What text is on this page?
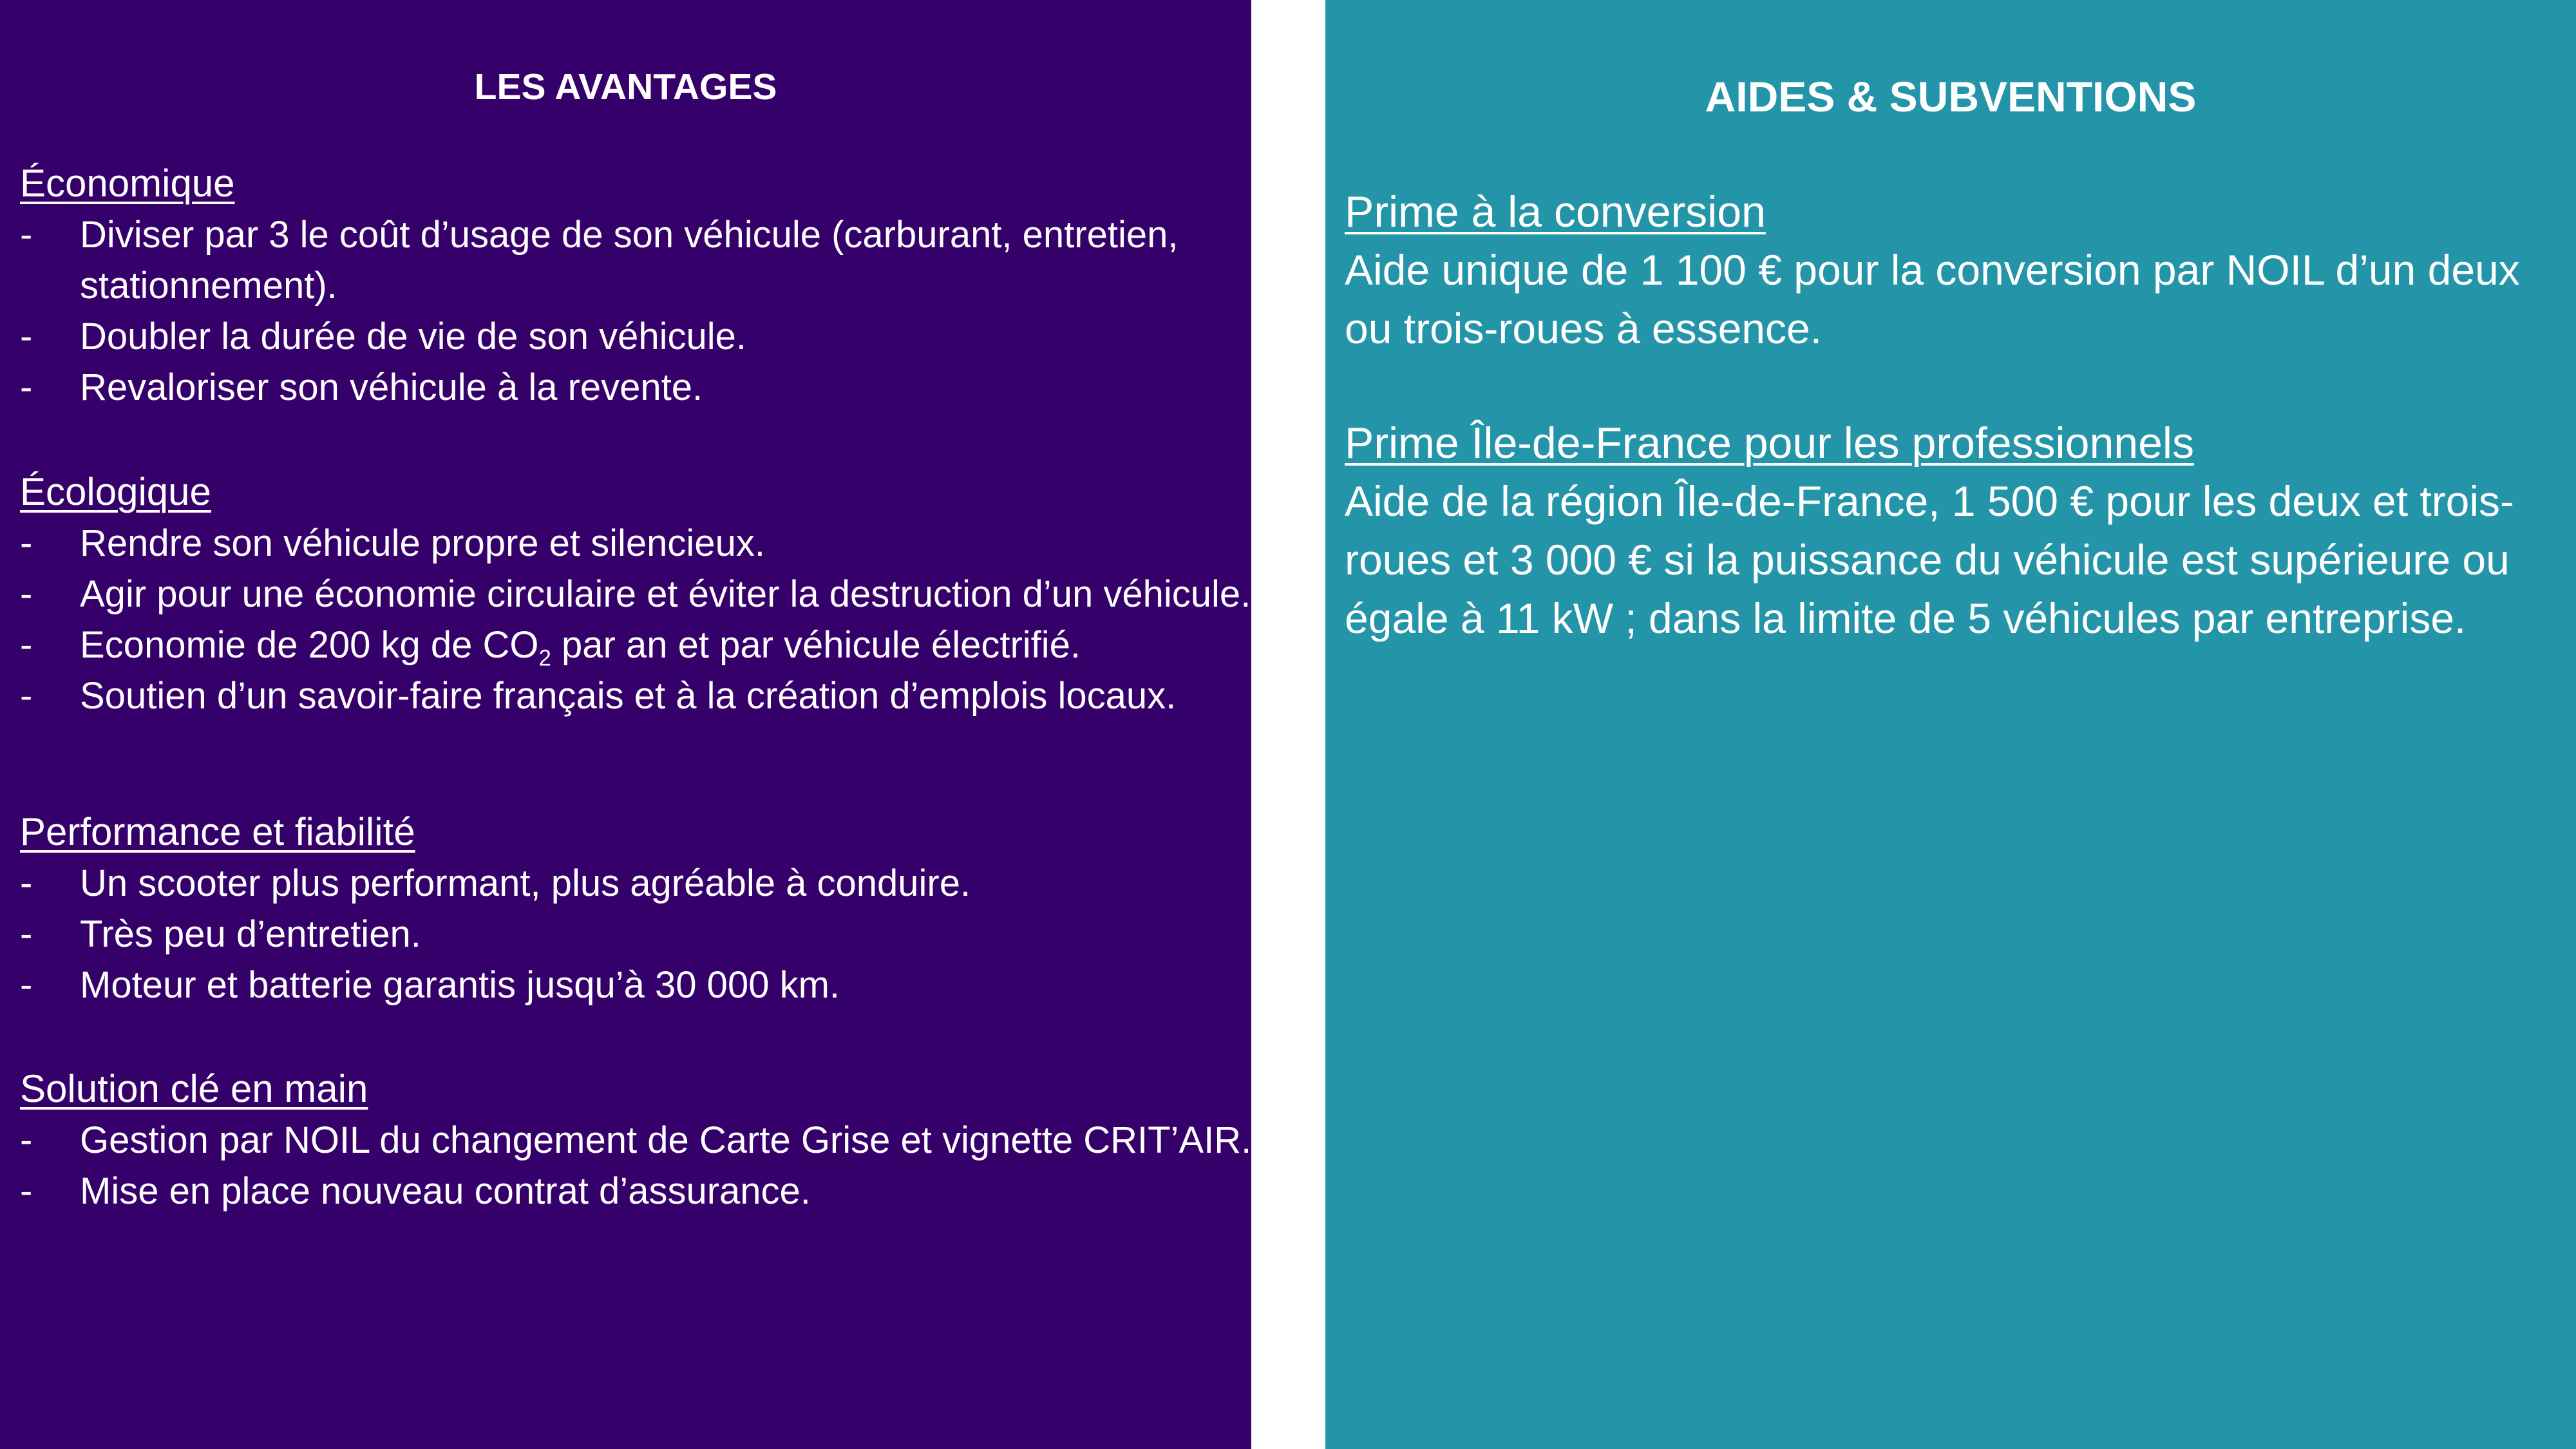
LES AVANTAGES

Économique

-	Diviser par 3 le coût d’usage de son véhicule (carburant, entretien, stationnement).
-	Doubler la durée de vie de son véhicule.
-	Revaloriser son véhicule à la revente.

Écologique

-	Rendre son véhicule propre et silencieux.
-	Agir pour une économie circulaire et éviter la destruction d’un véhicule.
-	Economie de 200 kg de $CO_2$ par an et par véhicule électrifié.
-	Soutien d’un savoir-faire français et à la création d’emplois locaux.

Performance et fiabilité

-	Un scooter plus performant, plus agréable à conduire.
-	Très peu d’entretien.
-	Moteur et batterie garantis jusqu’à 30 000 km.

Solution clé en main

-	Gestion par NOIL du changement de Carte Grise et vignette CRIT’AIR.
-	Mise en place nouveau contrat d’assurance.
AIDES & SUBVENTIONS

Prime à la conversion

Aide unique de 1 100 € pour la conversion par NOIL d’un deux ou trois-roues à essence.

Prime Île-de-France pour les professionnels

Aide de la région Île-de-France, 1 500 € pour les deux et trois-roues et 3 000 € si la puissance du véhicule est supérieure ou égale à 11 kW ; dans la limite de 5 véhicules par entreprise.
